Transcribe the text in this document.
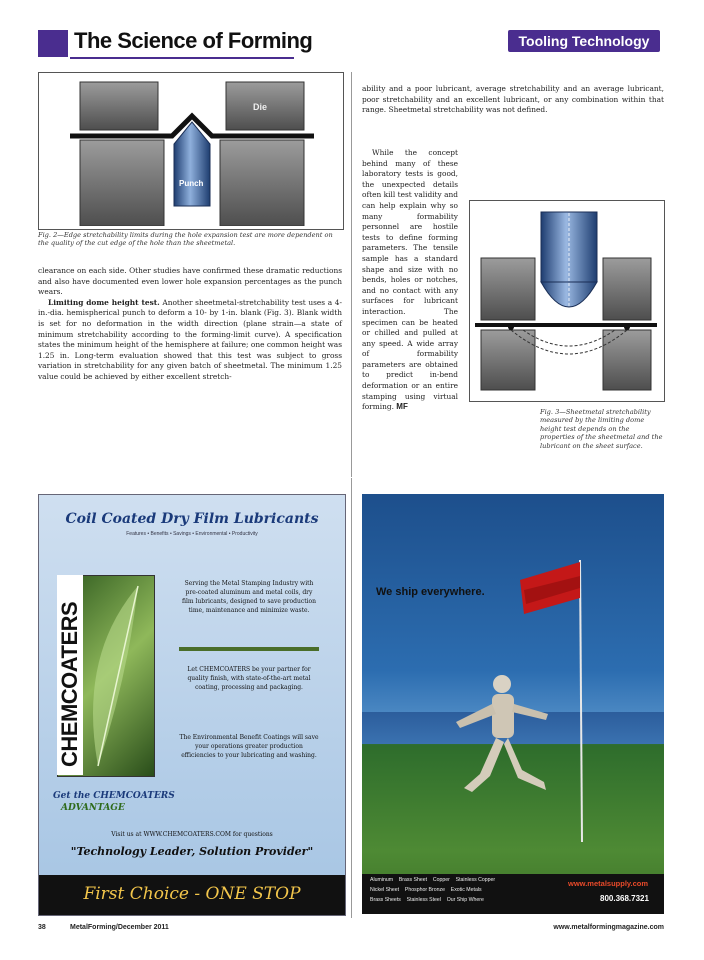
The Science of Forming	Tooling Technology
Die
Punch
Fig. 2—Edge stretchability limits during the hole expansion test are more dependent on the quality of the cut edge of the hole than the sheetmetal.

clearance on each side. Other studies have confirmed these dramatic reductions and also have documented even lower hole expansion percentages as the punch wears.

Limiting dome height test. Another sheetmetal-stretchability test uses a 4-in.-dia. hemispherical punch to deform a 10- by 1-in. blank (Fig. 3). Blank width is set for no deformation in the width direction (plane strain—a state of minimum stretchability according to the forming-limit curve). A specification states the minimum height of the hemisphere at failure; one common height was 1.25 in. Long-term evaluation showed that this test was subject to gross variation in stretchability for any given batch of sheetmetal. The minimum 1.25 value could be achieved by either excellent stretch-

ability and a poor lubricant, average stretchability and an average lubricant, poor stretchability and an excellent lubricant, or any combination within that range. Sheetmetal stretchability was not defined.

While the concept behind many of these laboratory tests is good, the unexpected details often kill test validity and can help explain why so many formability personnel are hostile tests to define forming parameters. The tensile sample has a standard shape and size with no bends, holes or notches, and no contact with any surfaces for lubricant interaction. The specimen can be heated or chilled and pulled at any speed. A wide array of formability parameters are obtained to predict in-bend deformation or an entire stamping using virtual forming. MF

Fig. 3—Sheetmetal stretchability measured by the limiting dome height test depends on the properties of the sheetmetal and the lubricant on the sheet surface.
Coil Coated Dry Film Lubricants
Features • Benefits • Savings • Environmental • Productivity
CHEMCOATERS
Serving the Metal Stamping Industry with pre-coated aluminum and metal coils, dry film lubricants, designed to save production time, maintenance and minimize waste.
Let CHEMCOATERS be your partner for quality finish, with state-of-the-art metal coating, processing and packaging.
The Environmental Benefit Coatings will save your operations greater production efficiencies to your lubricating and washing.
Get the CHEMCOATERS
ADVANTAGE
Visit us at WWW.CHEMCOATERS.COM for questions
"Technology Leader, Solution Provider"
First Choice - ONE STOP
We ship everywhere.
Aluminum    Brass Sheet    Copper    Stainless Copper
Nickel Sheet    Phosphor Bronze    Exotic Metals
Brass Sheets    Stainless Steel    Our Ship Where
www.metalsupply.com
800.368.7321
38	MetalForming/December 2011	www.metalformingmagazine.com
